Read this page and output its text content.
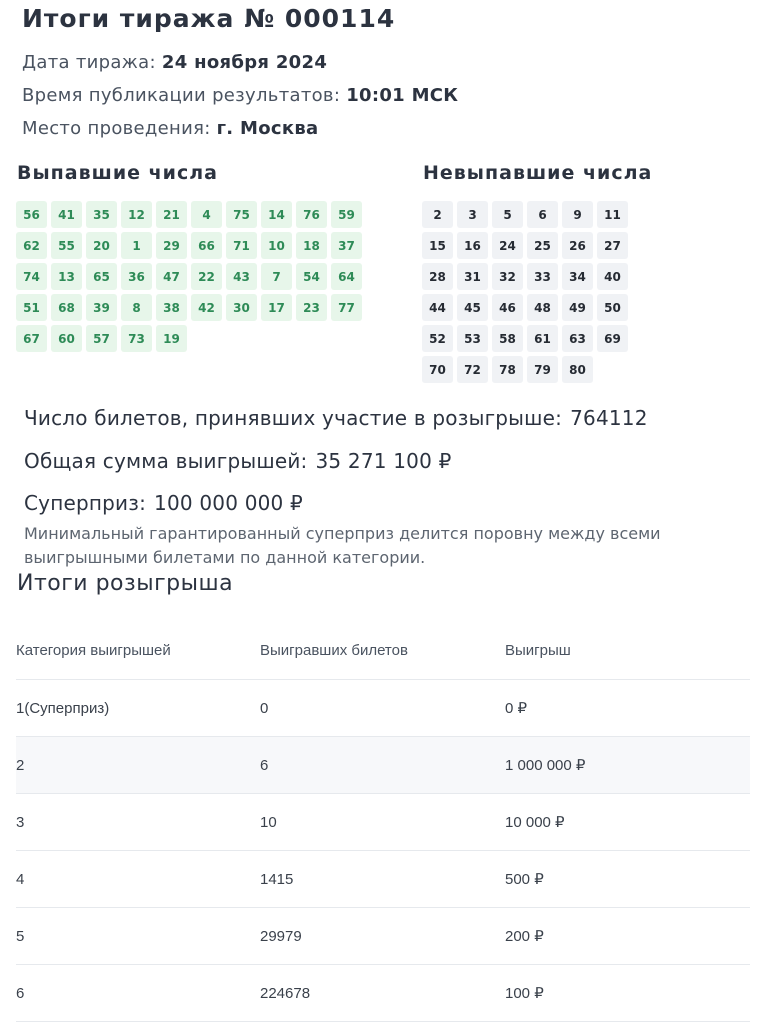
Итоги тиража № 000114
Дата тиража: 24 ноября 2024
Время публикации результатов: 10:01 МСК
Место проведения: г. Москва
Выпавшие числа	Невыпавшие числа
56	41	35	12	21	4	75	14	76	59
62	55	20	1	29	66	71	10	18	37
74	13	65	36	47	22	43	7	54	64
51	68	39	8	38	42	30	17	23	77
67	60	57	73	19
2	3	5	6	9	11
15	16	24	25	26	27
28	31	32	33	34	40
44	45	46	48	49	50
52	53	58	61	63	69
70	72	78	79	80
Число билетов, принявших участие в розыгрыше: 764112
Общая сумма выигрышей: 35 271 100 ₽
Суперприз: 100 000 000 ₽
Минимальный гарантированный суперприз делится поровну между всеми выигрышными билетами по данной категории.
Итоги розыгрыша
Категория выигрышей	Выигравших билетов	Выигрыш
1(Суперприз)	0	0 ₽
2	6	1 000 000 ₽
3	10	10 000 ₽
4	1415	500 ₽
5	29979	200 ₽
6	224678	100 ₽
